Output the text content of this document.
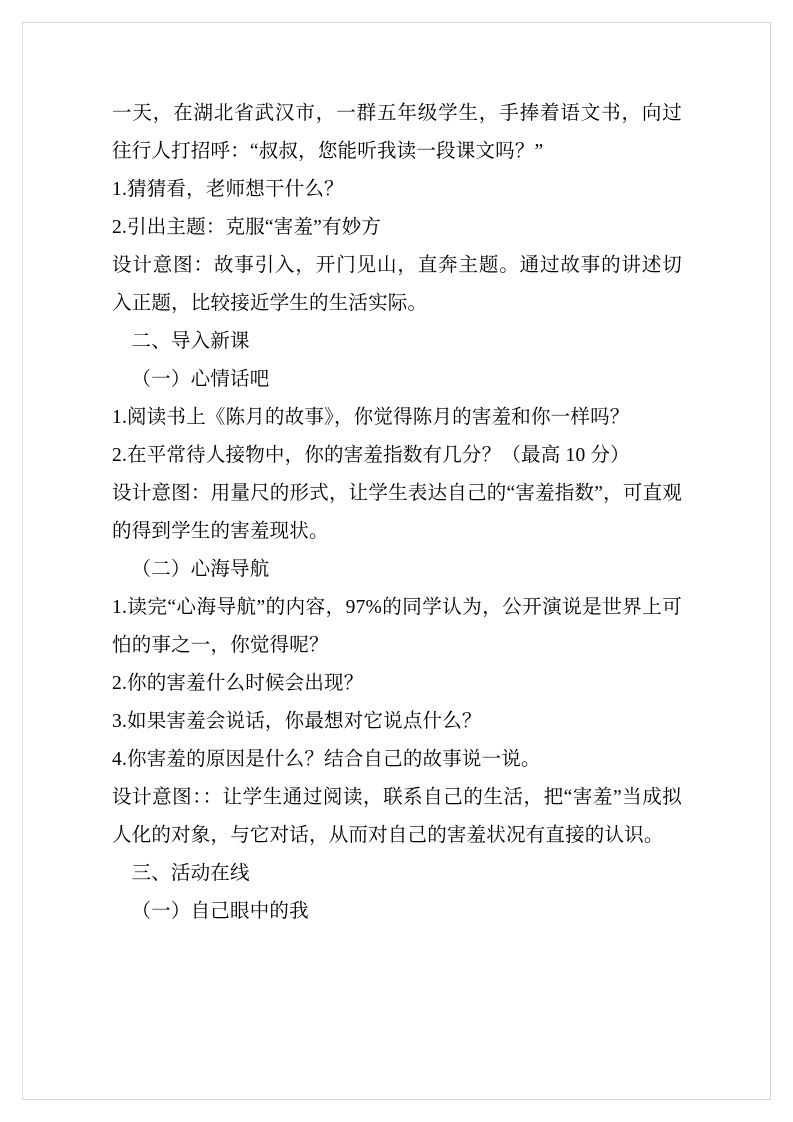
一天，在湖北省武汉市，一群五年级学生，手捧着语文书，向过往行人打招呼：“叔叔，您能听我读一段课文吗？”

1.猜猜看，老师想干什么？

2.引出主题：克服“害羞”有妙方

设计意图：故事引入，开门见山，直奔主题。通过故事的讲述切入正题，比较接近学生的生活实际。

二、导入新课

（一）心情话吧

1.阅读书上《陈月的故事》，你觉得陈月的害羞和你一样吗？

2.在平常待人接物中，你的害羞指数有几分？（最高 10 分）

设计意图：用量尺的形式，让学生表达自己的“害羞指数”，可直观的得到学生的害羞现状。

（二）心海导航

1.读完“心海导航”的内容，97%的同学认为，公开演说是世界上可怕的事之一，你觉得呢？

2.你的害羞什么时候会出现？

3.如果害羞会说话，你最想对它说点什么？

4.你害羞的原因是什么？结合自己的故事说一说。

设计意图：：让学生通过阅读，联系自己的生活，把“害羞”当成拟人化的对象，与它对话，从而对自己的害羞状况有直接的认识。

三、活动在线

（一）自己眼中的我
